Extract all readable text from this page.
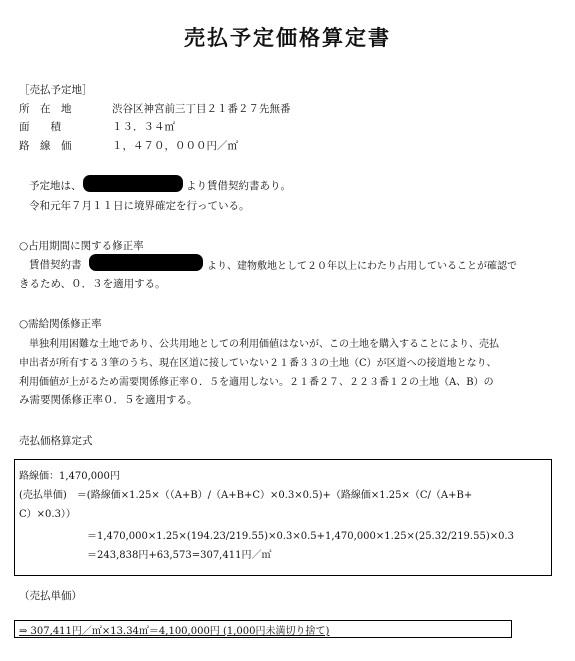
売払予定価格算定書
［売払予定地］
所　在　地	渋谷区神宮前三丁目２１番２７先無番
面　　積	１３．３４㎡
路　線　価	１，４７０，０００円／㎡
予定地は、	より賃借契約書あり。
令和元年７月１１日に境界確定を行っている。
○占用期間に関する修正率
賃借契約書	より、建物敷地として２０年以上にわたり占用していることが確認で
きるため、０．３を適用する。
○需給関係修正率
単独利用困難な土地であり、公共用地としての利用価値はないが、この土地を購入することにより、売払
申出者が所有する３筆のうち、現在区道に接していない２１番３３の土地（C）が区道への接道地となり、
利用価値が上がるため需要関係修正率０．５を適用しない。２１番２７、２２３番１２の土地（A、B）の
み需要関係修正率０．５を適用する。
売払価格算定式
路線価：1,470,000円
(売払単価)　＝(路線価×1.25×（（A+B）/（A+B+C）×0.3×0.5)+（路線価×1.25×（C/（A+B+
C）×0.3））
＝1,470,000×1.25×(194.23/219.55)×0.3×0.5+1,470,000×1.25×(25.32/219.55)×0.3
＝243,838円+63,573=307,411円／㎡
（売払単価）
⇒ 307,411円／㎡×13.34㎡＝4,100,000円 (1,000円未満切り捨て)
